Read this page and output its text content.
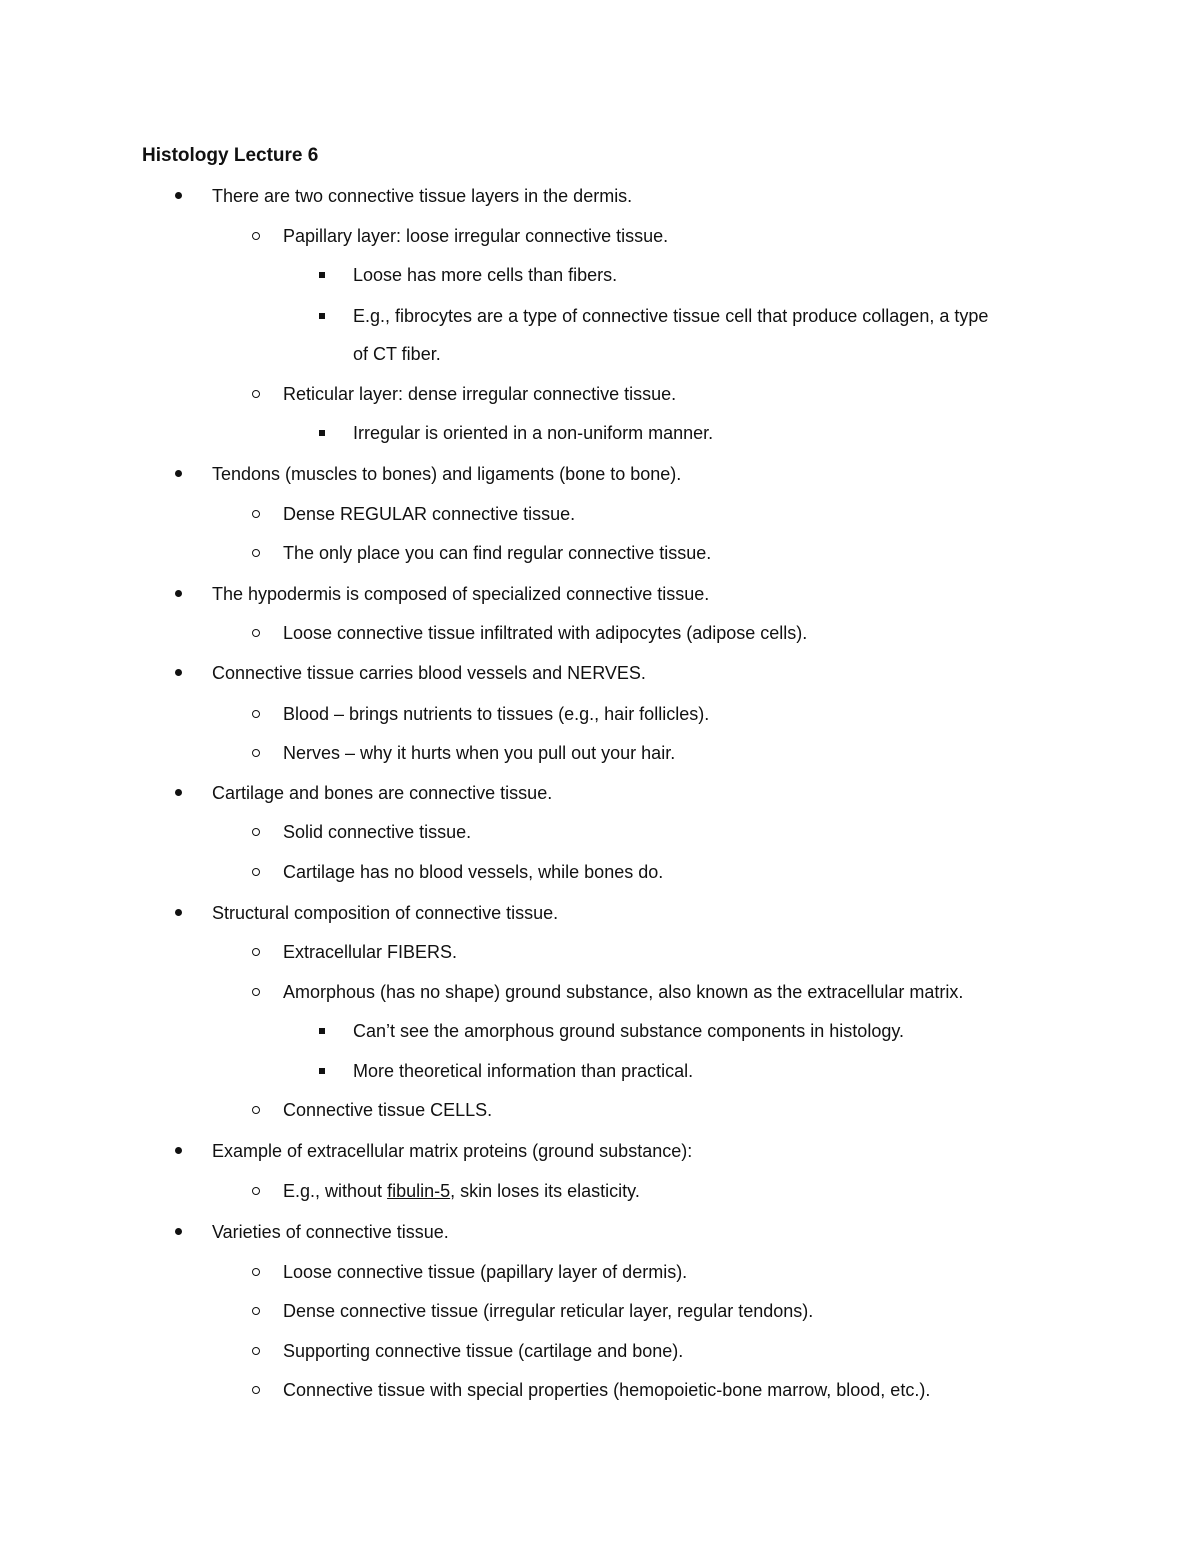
Histology Lecture 6
There are two connective tissue layers in the dermis.
Papillary layer: loose irregular connective tissue.
Loose has more cells than fibers.
E.g., fibrocytes are a type of connective tissue cell that produce collagen, a type
of CT fiber.
Reticular layer: dense irregular connective tissue.
Irregular is oriented in a non-uniform manner.
Tendons (muscles to bones) and ligaments (bone to bone).
Dense REGULAR connective tissue.
The only place you can find regular connective tissue.
The hypodermis is composed of specialized connective tissue.
Loose connective tissue infiltrated with adipocytes (adipose cells).
Connective tissue carries blood vessels and NERVES.
Blood – brings nutrients to tissues (e.g., hair follicles).
Nerves – why it hurts when you pull out your hair.
Cartilage and bones are connective tissue.
Solid connective tissue.
Cartilage has no blood vessels, while bones do.
Structural composition of connective tissue.
Extracellular FIBERS.
Amorphous (has no shape) ground substance, also known as the extracellular matrix.
Can’t see the amorphous ground substance components in histology.
More theoretical information than practical.
Connective tissue CELLS.
Example of extracellular matrix proteins (ground substance):
E.g., without fibulin-5, skin loses its elasticity.
Varieties of connective tissue.
Loose connective tissue (papillary layer of dermis).
Dense connective tissue (irregular reticular layer, regular tendons).
Supporting connective tissue (cartilage and bone).
Connective tissue with special properties (hemopoietic-bone marrow, blood, etc.).
